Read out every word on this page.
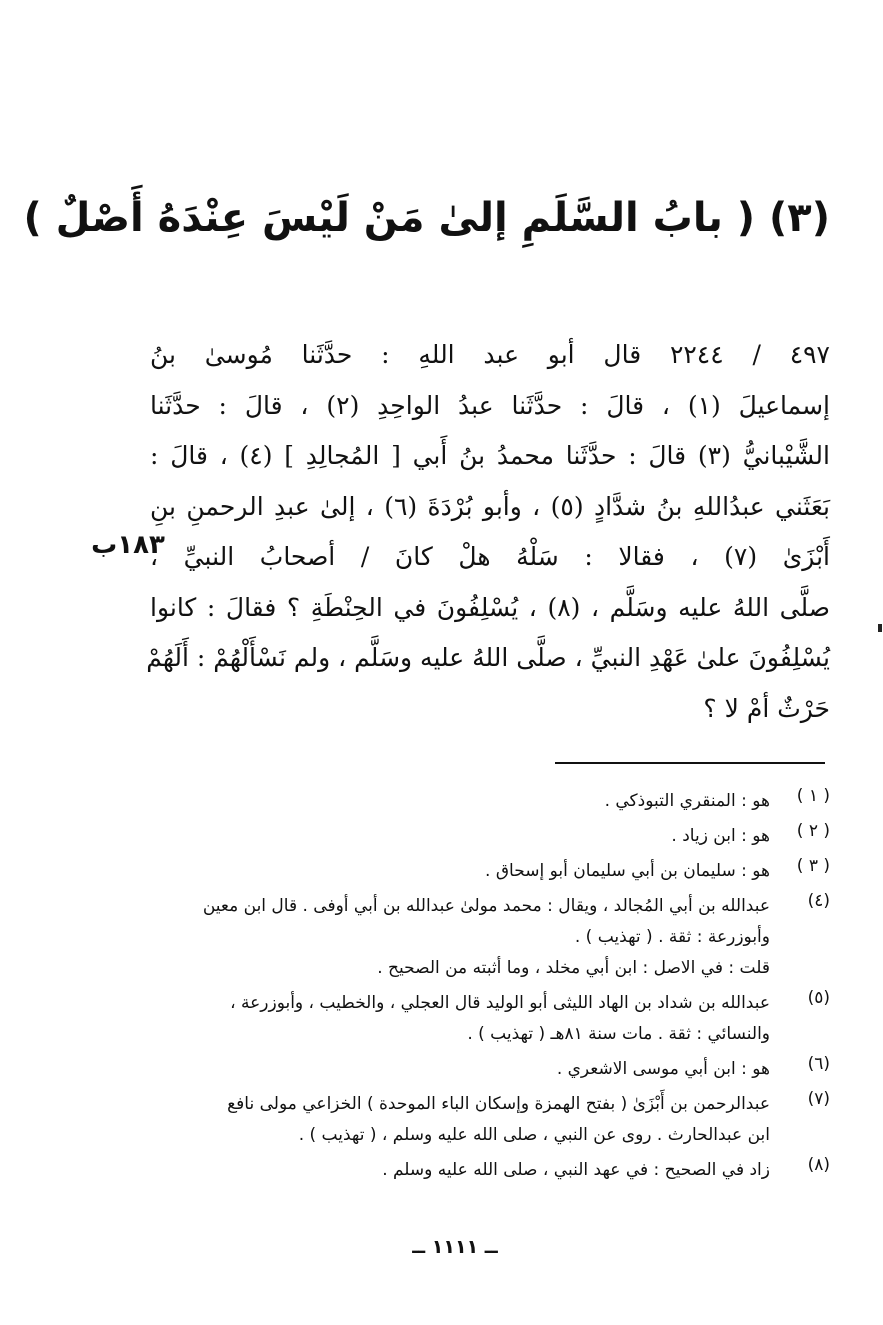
(٣) ( بابُ السَّلَمِ إلىٰ مَنْ لَيْسَ عِنْدَهُ أَصْلٌ )
٤٩٧ / ٢٢٤٤ قال أبو عبد اللهِ : حدَّثَنا مُوسىٰ بنُ
إسماعيلَ (١) ، قالَ : حدَّثَنا عبدُ الواحِدِ (٢) ، قالَ : حدَّثَنا
الشَّيْبانيُّ (٣) قالَ : حدَّثَنا محمدُ بنُ أَبي [ المُجالِدِ ] (٤) ، قالَ :
بَعَثَني عبدُاللهِ بنُ شدَّادٍ (٥) ، وأبو بُرْدَةَ (٦) ، إلىٰ عبدِ الرحمنِ بنِ
أَبْزَىٰ (٧) ، فقالا : سَلْهُ هلْ كانَ / أصحابُ النبيِّ ،
صلَّى اللهُ عليه وسَلَّم ، (٨) ، يُسْلِفُونَ في الحِنْطَةِ ؟ فقالَ : كانوا
يُسْلِفُونَ علىٰ عَهْدِ النبيِّ ، صلَّى اللهُ عليه وسَلَّم ، ولم نَسْأَلْهُمْ : أَلَهُمْ
حَرْثٌ أمْ لا ؟
١٨٣ب
( ١ )
هو : المنقري التبوذكي .
( ٢ )
هو : ابن زياد .
( ٣ )
هو : سليمان بن أبي سليمان أبو إسحاق .
(٤)
عبدالله بن أبي المُجالد ، ويقال : محمد مولىٰ عبدالله بن أبي أوفى . قال ابن معين
وأبوزرعة : ثقة . ( تهذيب ) .
قلت : في الاصل : ابن أبي مخلد ، وما أثبته من الصحيح .
(٥)
عبدالله بن شداد بن الهاد الليثى أبو الوليد قال العجلي ، والخطيب ، وأبوزرعة ،
والنسائي : ثقة . مات سنة ٨١هـ ( تهذيب ) .
(٦)
هو : ابن أبي موسى الاشعري .
(٧)
عبدالرحمن بن أَبْزَىٰ ( بفتح الهمزة وإسكان الباء الموحدة ) الخزاعي مولى نافع
ابن عبدالحارث . روى عن النبي ، صلى الله عليه وسلم ، ( تهذيب ) .
(٨)
زاد في الصحيح : في عهد النبي ، صلى الله عليه وسلم .
ــ ١١١١ ــ
